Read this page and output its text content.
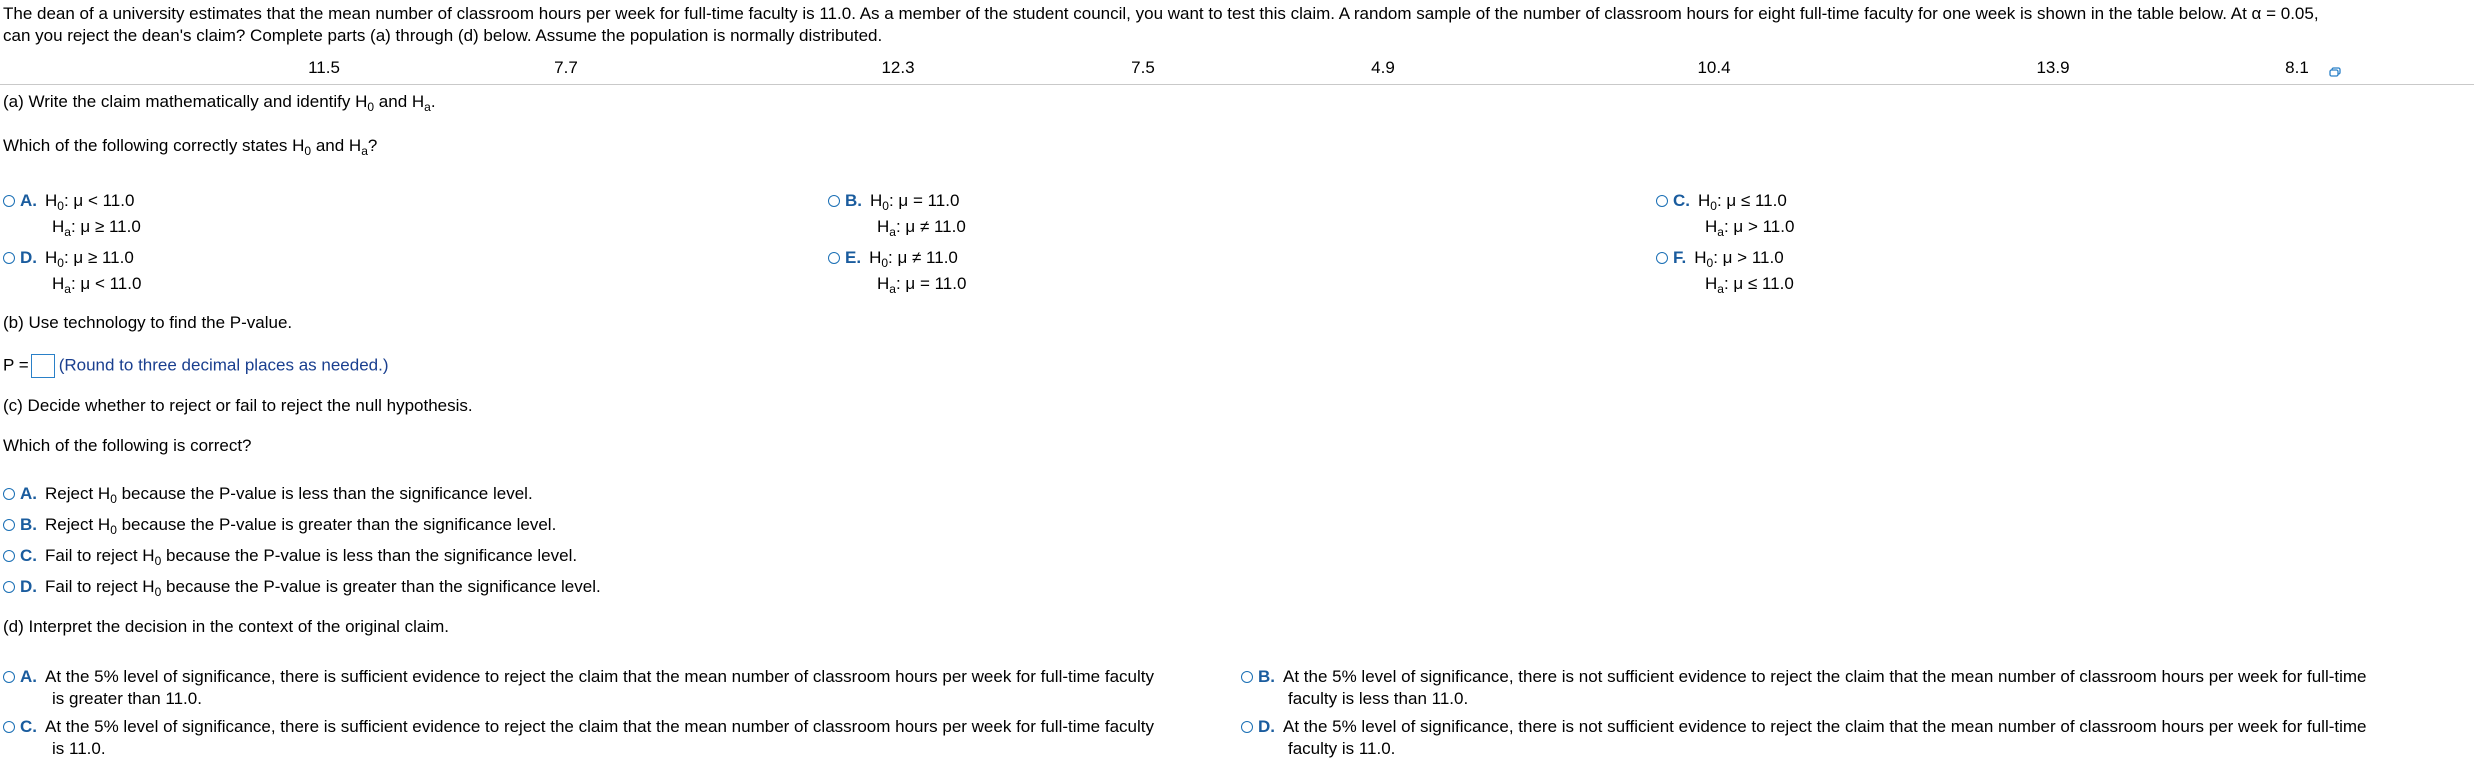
The dean of a university estimates that the mean number of classroom hours per week for full-time faculty is 11.0. As a member of the student council, you want to test this claim. A random sample of the number of classroom hours for eight full-time faculty for one week is shown in the table below. At α = 0.05,
can you reject the dean's claim? Complete parts (a) through (d) below. Assume the population is normally distributed.
11.5	7.7	12.3	7.5	4.9	10.4	13.9	8.1
(a) Write the claim mathematically and identify $H_0$ and $H_a$.
Which of the following correctly states $H_0$ and $H_a$?
A. $H_0$: μ < 11.0
$H_a$: μ ≥ 11.0
B. $H_0$: μ = 11.0
$H_a$: μ ≠ 11.0
C. $H_0$: μ ≤ 11.0
$H_a$: μ > 11.0
D. $H_0$: μ ≥ 11.0
$H_a$: μ < 11.0
E. $H_0$: μ ≠ 11.0
$H_a$: μ = 11.0
F. $H_0$: μ > 11.0
$H_a$: μ ≤ 11.0
(b) Use technology to find the P-value.
P = (Round to three decimal places as needed.)
(c) Decide whether to reject or fail to reject the null hypothesis.
Which of the following is correct?
A. Reject $H_0$ because the P-value is less than the significance level.
B. Reject $H_0$ because the P-value is greater than the significance level.
C. Fail to reject $H_0$ because the P-value is less than the significance level.
D. Fail to reject $H_0$ because the P-value is greater than the significance level.
(d) Interpret the decision in the context of the original claim.
A. At the 5% level of significance, there is sufficient evidence to reject the claim that the mean number of classroom hours per week for full-time faculty
is greater than 11.0.
B. At the 5% level of significance, there is not sufficient evidence to reject the claim that the mean number of classroom hours per week for full-time
faculty is less than 11.0.
C. At the 5% level of significance, there is sufficient evidence to reject the claim that the mean number of classroom hours per week for full-time faculty
is 11.0.
D. At the 5% level of significance, there is not sufficient evidence to reject the claim that the mean number of classroom hours per week for full-time
faculty is 11.0.
